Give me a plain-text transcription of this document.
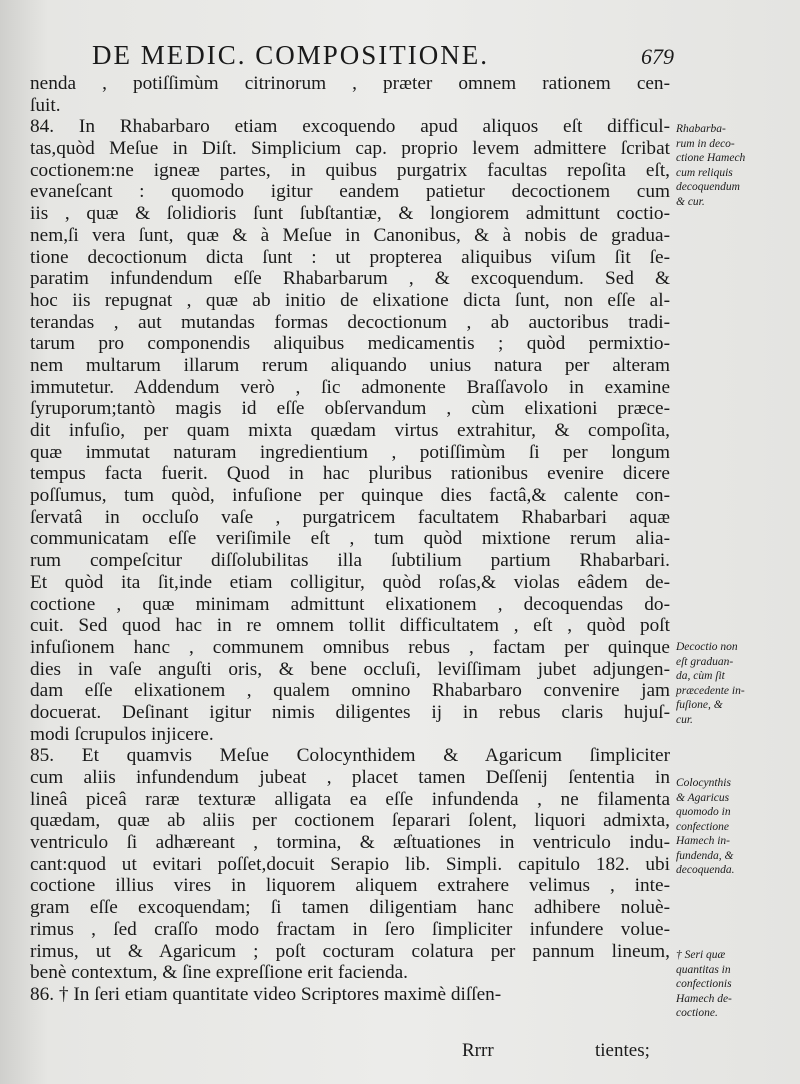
DE MEDIC. COMPOSITIONE.	679
nenda , potiſſimùm citrinorum , præter omnem rationem cen-
ſuit.
84. In Rhabarbaro etiam excoquendo apud aliquos eſt difficul-
tas,quòd Meſue in Diſt. Simplicium cap. proprio levem admittere ſcribat
coctionem:ne igneæ partes, in quibus purgatrix facultas repoſita eſt,
evaneſcant : quomodo igitur eandem patietur decoctionem cum
iis , quæ & ſolidioris ſunt ſubſtantiæ, & longiorem admittunt coctio-
nem,ſi vera ſunt, quæ & à Meſue in Canonibus, & à nobis de gradua-
tione decoctionum dicta ſunt : ut propterea aliquibus viſum ſit ſe-
paratim infundendum eſſe Rhabarbarum , & excoquendum. Sed &
hoc iis repugnat , quæ ab initio de elixatione dicta ſunt, non eſſe al-
terandas , aut mutandas formas decoctionum , ab auctoribus tradi-
tarum pro componendis aliquibus medicamentis ; quòd permixtio-
nem multarum illarum rerum aliquando unius natura per alteram
immutetur. Addendum verò , ſic admonente Braſſavolo in examine
ſyruporum;tantò magis id eſſe obſervandum , cùm elixationi præce-
dit infuſio, per quam mixta quædam virtus extrahitur, & compoſita,
quæ immutat naturam ingredientium , potiſſimùm ſi per longum
tempus facta fuerit. Quod in hac pluribus rationibus evenire dicere
poſſumus, tum quòd, infuſione per quinque dies factâ,& calente con-
ſervatâ in occluſo vaſe , purgatricem facultatem Rhabarbari aquæ
communicatam eſſe veriſimile eſt , tum quòd mixtione rerum alia-
rum compeſcitur diſſolubilitas illa ſubtilium partium Rhabarbari.
Et quòd ita ſit,inde etiam colligitur, quòd roſas,& violas eâdem de-
coctione , quæ minimam admittunt elixationem , decoquendas do-
cuit. Sed quod hac in re omnem tollit difficultatem , eſt , quòd poſt
infuſionem hanc , communem omnibus rebus , factam per quinque
dies in vaſe anguſti oris, & bene occluſi, leviſſimam jubet adjungen-
dam eſſe elixationem , qualem omnino Rhabarbaro convenire jam
docuerat. Deſinant igitur nimis diligentes ij in rebus claris hujuſ-
modi ſcrupulos injicere.
85. Et quamvis Meſue Colocynthidem & Agaricum ſimpliciter
cum aliis infundendum jubeat , placet tamen Deſſenij ſententia in
lineâ piceâ raræ texturæ alligata ea eſſe infundenda , ne filamenta
quædam, quæ ab aliis per coctionem ſeparari ſolent, liquori admixta,
ventriculo ſi adhæreant , tormina, & æſtuationes in ventriculo indu-
cant:quod ut evitari poſſet,docuit Serapio lib. Simpli. capitulo 182. ubi
coctione illius vires in liquorem aliquem extrahere velimus , inte-
gram eſſe excoquendam; ſi tamen diligentiam hanc adhibere noluè-
rimus , ſed craſſo modo fractam in ſero ſimpliciter infundere volue-
rimus, ut & Agaricum ; poſt cocturam colatura per pannum lineum,
benè contextum, & ſine expreſſione erit facienda.
86. † In ſeri etiam quantitate video Scriptores maximè diſſen-
Rhabarba-
rum in deco-
ctione Hamech
cum reliquis
decoquendum
& cur.
Decoctio non
eſt graduan-
da, cùm ſit
præcedente in-
fuſione, &
cur.
Colocynthis
& Agaricus
quomodo in
confectione
Hamech in-
fundenda, &
decoquenda.
† Seri quæ
quantitas in
confectionis
Hamech de-
coctione.
Rrrr	tientes;
